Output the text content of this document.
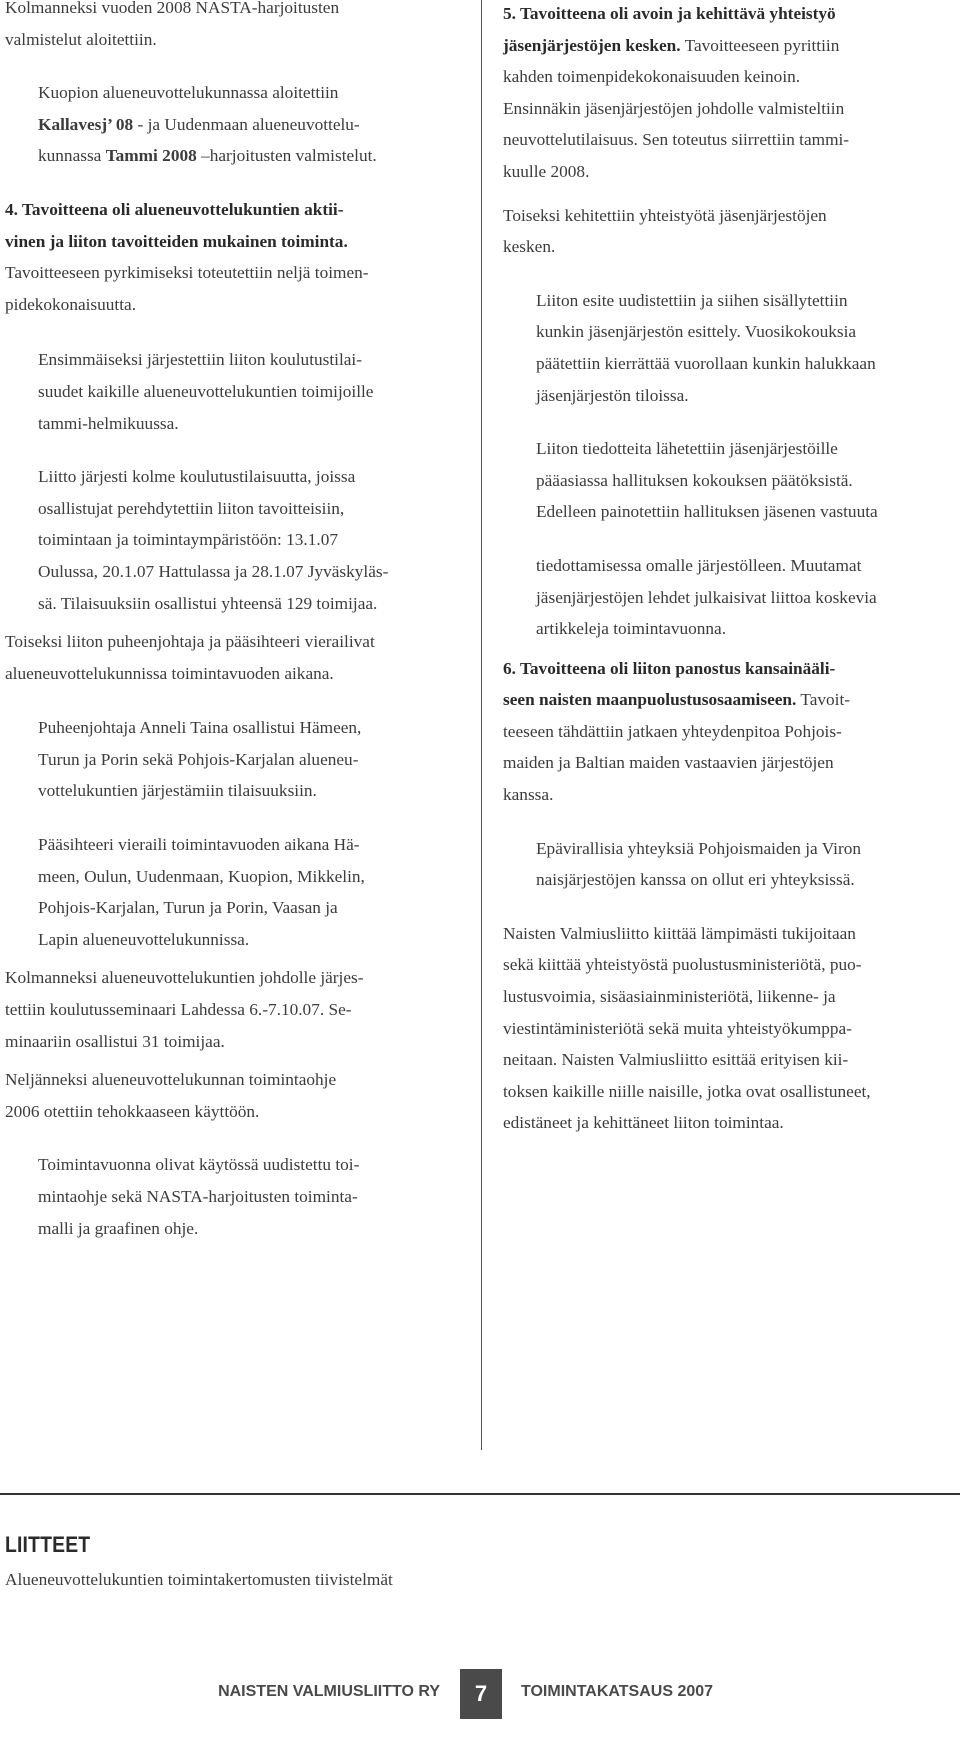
Kolmanneksi vuoden 2008 NASTA-harjoitusten
valmistelut aloitettiin.
Kuopion alueneuvottelukunnassa aloitettiin
Kallavesj’ 08 - ja Uudenmaan alueneuvottelu-
kunnassa Tammi 2008 –harjoitusten valmistelut.
4. Tavoitteena oli alueneuvottelukuntien aktii-
vinen ja liiton tavoitteiden mukainen toiminta.
Tavoitteeseen pyrkimiseksi toteutettiin neljä toimen-
pidekokonaisuutta.
Ensimmäiseksi järjestettiin liiton koulutustilai-
suudet kaikille alueneuvottelukuntien toimijoille
tammi-helmikuussa.
Liitto järjesti kolme koulutustilaisuutta, joissa
osallistujat perehdytettiin liiton tavoitteisiin,
toimintaan ja toimintaympäristöön: 13.1.07
Oulussa, 20.1.07 Hattulassa ja 28.1.07 Jyväskyläs-
sä. Tilaisuuksiin osallistui yhteensä 129 toimijaa.
Toiseksi liiton puheenjohtaja ja pääsihteeri vierailivat
alueneuvottelukunnissa toimintavuoden aikana.
Puheenjohtaja Anneli Taina osallistui Hämeen,
Turun ja Porin sekä Pohjois-Karjalan alueneu-
vottelukuntien järjestämiin tilaisuuksiin.
Pääsihteeri vieraili toimintavuoden aikana Hä-
meen, Oulun, Uudenmaan, Kuopion, Mikkelin,
Pohjois-Karjalan, Turun ja Porin, Vaasan ja
Lapin alueneuvottelukunnissa.
Kolmanneksi alueneuvottelukuntien johdolle järjes-
tettiin koulutusseminaari Lahdessa 6.-7.10.07. Se-
minaariin osallistui 31 toimijaa.
Neljänneksi alueneuvottelukunnan toimintaohje
2006 otettiin tehokkaaseen käyttöön.
Toimintavuonna olivat käytössä uudistettu toi-
mintaohje sekä NASTA-harjoitusten toiminta-
malli ja graafinen ohje.
5. Tavoitteena oli avoin ja kehittävä yhteistyö
jäsenjärjestöjen kesken. Tavoitteeseen pyrittiin
kahden toimenpidekokonaisuuden keinoin.
Ensinnäkin jäsenjärjestöjen johdolle valmisteltiin
neuvottelutilaisuus. Sen toteutus siirrettiin tammi-
kuulle 2008.
Toiseksi kehitettiin yhteistyötä jäsenjärjestöjen
kesken.
Liiton esite uudistettiin ja siihen sisällytettiin
kunkin jäsenjärjestön esittely. Vuosikokouksia
päätettiin kierrättää vuorollaan kunkin halukkaan
jäsenjärjestön tiloissa.
Liiton tiedotteita lähetettiin jäsenjärjestöille
pääasiassa hallituksen kokouksen päätöksistä.
Edelleen painotettiin hallituksen jäsenen vastuuta
tiedottamisessa omalle järjestölleen. Muutamat
jäsenjärjestöjen lehdet julkaisivat liittoa koskevia
artikkeleja toimintavuonna.
6. Tavoitteena oli liiton panostus kansainääli-
seen naisten maanpuolustusosaamiseen. Tavoit-
teeseen tähdättiin jatkaen yhteydenpitoa Pohjois-
maiden ja Baltian maiden vastaavien järjestöjen
kanssa.
Epävirallisia yhteyksiä Pohjoismaiden ja Viron
naisjärjestöjen kanssa on ollut eri yhteyksissä.
Naisten Valmiusliitto kiittää lämpimästi tukijoitaan
sekä kiittää yhteistyöstä puolustusministeriötä, puo-
lustusvoimia, sisäasiainministeriötä, liikenne- ja
viestintäministeriötä sekä muita yhteistyökumppa-
neitaan. Naisten Valmiusliitto esittää erityisen kii-
toksen kaikille niille naisille, jotka ovat osallistuneet,
edistäneet ja kehittäneet liiton toimintaa.
LIITTEET
Alueneuvottelukuntien toimintakertomusten tiivistelmät
NAISTEN VALMIUSLIITTO RY	7	TOIMINTAKATSAUS 2007
